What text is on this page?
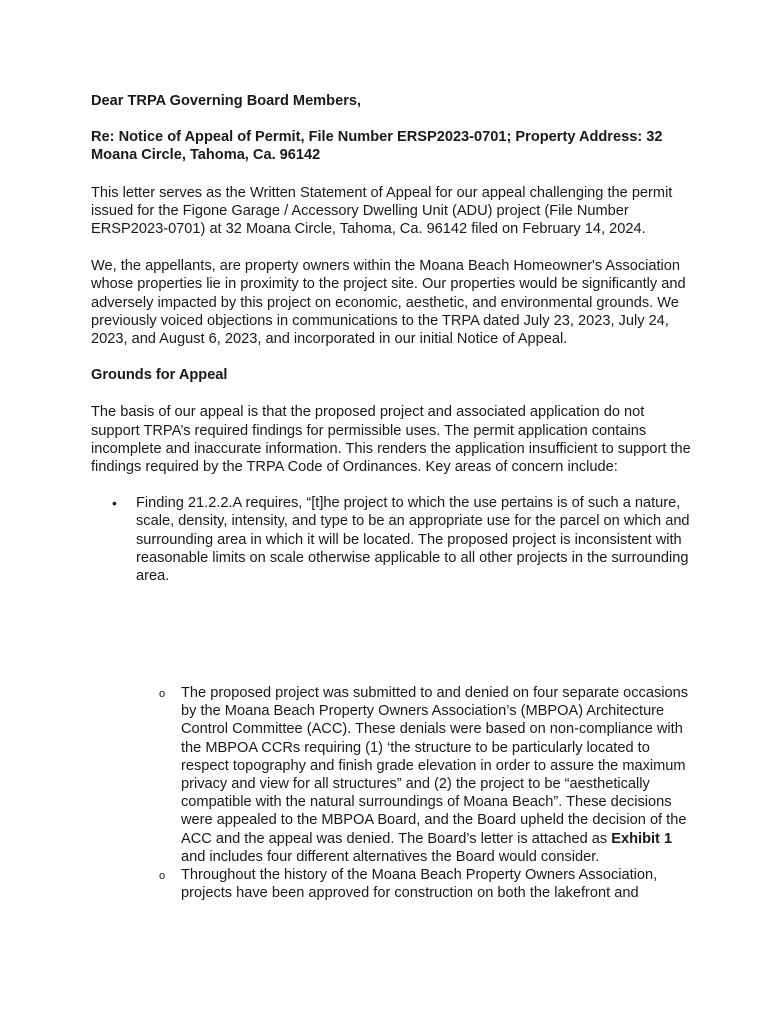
Dear TRPA Governing Board Members,

Re: Notice of Appeal of Permit, File Number ERSP2023-0701; Property Address: 32 Moana Circle, Tahoma, Ca. 96142

This letter serves as the Written Statement of Appeal for our appeal challenging the permit issued for the Figone Garage / Accessory Dwelling Unit (ADU) project (File Number ERSP2023-0701) at 32 Moana Circle, Tahoma, Ca. 96142 filed on February 14, 2024.

We, the appellants, are property owners within the Moana Beach Homeowner's Association whose properties lie in proximity to the project site. Our properties would be significantly and adversely impacted by this project on economic, aesthetic, and environmental grounds. We previously voiced objections in communications to the TRPA dated July 23, 2023, July 24, 2023, and August 6, 2023, and incorporated in our initial Notice of Appeal.

Grounds for Appeal

The basis of our appeal is that the proposed project and associated application do not support TRPA’s required findings for permissible uses. The permit application contains incomplete and inaccurate information. This renders the application insufficient to support the findings required by the TRPA Code of Ordinances. Key areas of concern include:

• Finding 21.2.2.A requires, “[t]he project to which the use pertains is of such a nature, scale, density, intensity, and type to be an appropriate use for the parcel on which and surrounding area in which it will be located. The proposed project is inconsistent with reasonable limits on scale otherwise applicable to all other projects in the surrounding area.
o The proposed project was submitted to and denied on four separate occasions by the Moana Beach Property Owners Association’s (MBPOA) Architecture Control Committee (ACC). These denials were based on non-compliance with the MBPOA CCRs requiring (1) ‘the structure to be particularly located to respect topography and finish grade elevation in order to assure the maximum privacy and view for all structures” and (2) the project to be “aesthetically compatible with the natural surroundings of Moana Beach”. These decisions were appealed to the MBPOA Board, and the Board upheld the decision of the ACC and the appeal was denied. The Board’s letter is attached as Exhibit 1 and includes four different alternatives the Board would consider.
o Throughout the history of the Moana Beach Property Owners Association, projects have been approved for construction on both the lakefront and
